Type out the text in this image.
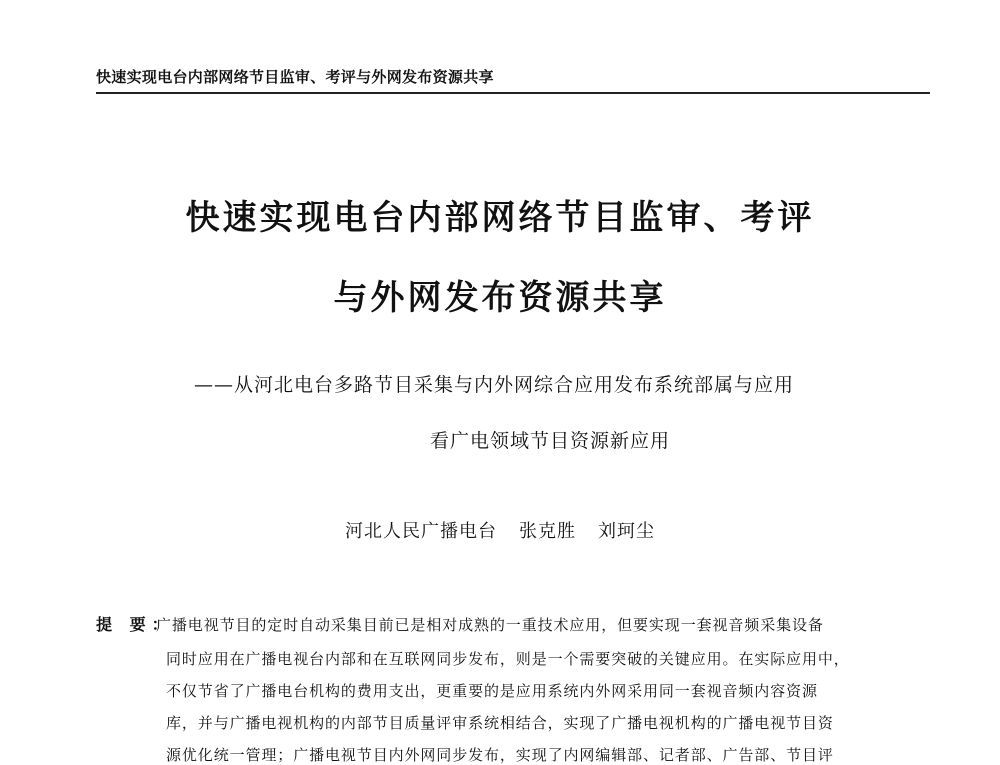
快速实现电台内部网络节目监审、考评与外网发布资源共享
快速实现电台内部网络节目监审、考评
与外网发布资源共享
——从河北电台多路节目采集与内外网综合应用发布系统部属与应用
看广电领域节目资源新应用
河北人民广播电台 张克胜 刘珂尘
提 要：
广播电视节目的定时自动采集目前已是相对成熟的一重技术应用，但要实现一套视音频采集设备
同时应用在广播电视台内部和在互联网同步发布，则是一个需要突破的关键应用。在实际应用中，
不仅节省了广播电台机构的费用支出，更重要的是应用系统内外网采用同一套视音频内容资源
库，并与广播电视机构的内部节目质量评审系统相结合，实现了广播电视机构的广播电视节目资
源优化统一管理；广播电视节目内外网同步发布，实现了内网编辑部、记者部、广告部、节目评
